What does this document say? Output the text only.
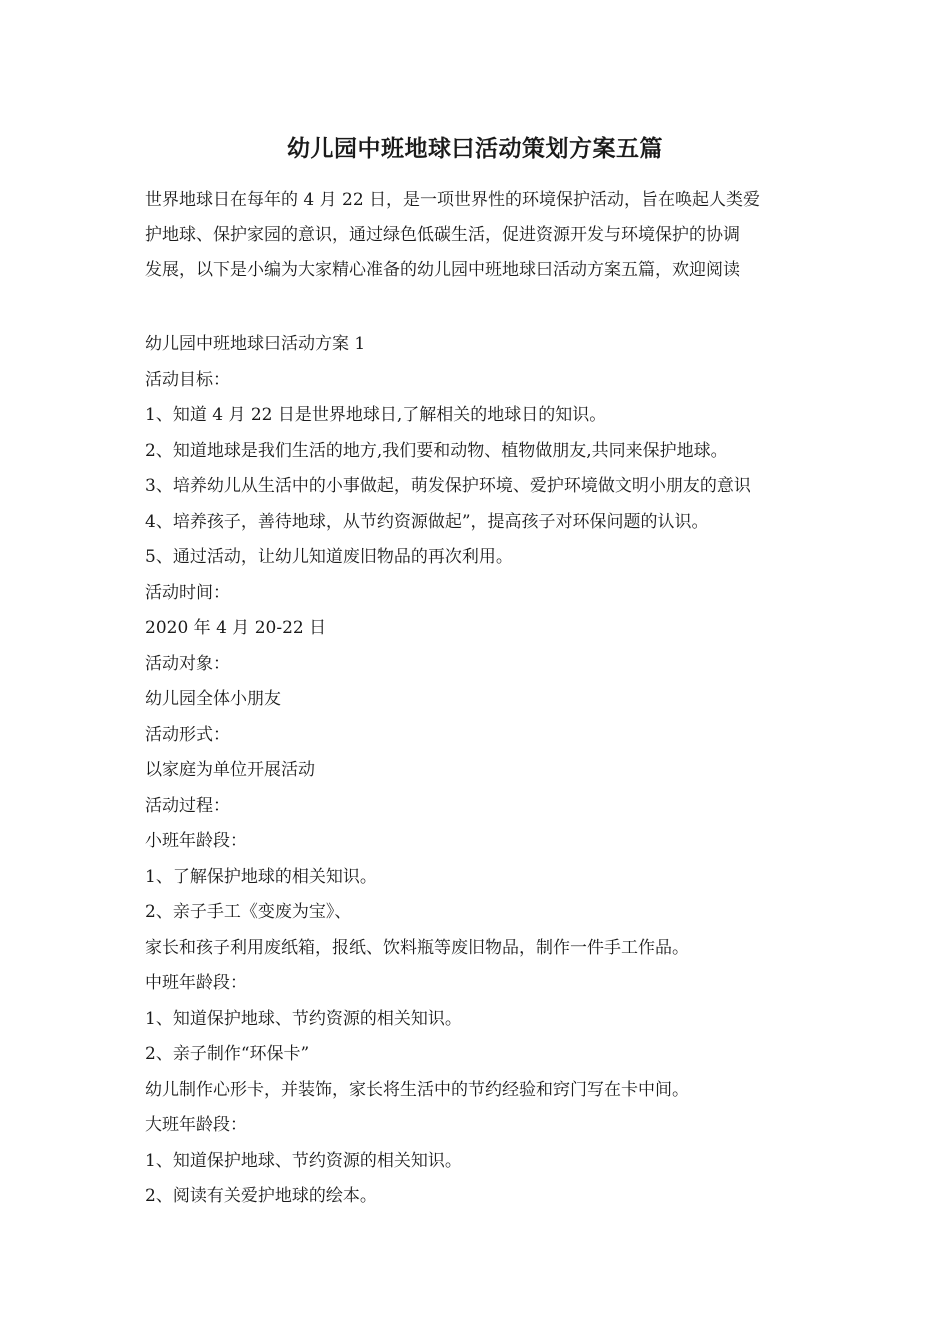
幼儿园中班地球曰活动策划方案五篇
世界地球日在每年的 4 月 22 日，是一项世界性的环境保护活动，旨在唤起人类爱
护地球、保护家园的意识，通过绿色低碳生活，促进资源开发与环境保护的协调
发展，以下是小编为大家精心准备的幼儿园中班地球曰活动方案五篇，欢迎阅读
幼儿园中班地球曰活动方案 1
活动目标：
1、知道 4 月 22 日是世界地球日,了解相关的地球日的知识。
2、知道地球是我们生活的地方,我们要和动物、植物做朋友,共同来保护地球。
3、培养幼儿从生活中的小事做起，萌发保护环境、爱护环境做文明小朋友的意识
4、培养孩子，善待地球，从节约资源做起”，提高孩子对环保问题的认识。
5、通过活动，让幼儿知道废旧物品的再次利用。
活动时间：
2020 年 4 月 20-22 日
活动对象：
幼儿园全体小朋友
活动形式：
以家庭为单位开展活动
活动过程：
小班年龄段：
1、了解保护地球的相关知识。
2、亲子手工《变废为宝》、
家长和孩子利用废纸箱，报纸、饮料瓶等废旧物品，制作一件手工作品。
中班年龄段：
1、知道保护地球、节约资源的相关知识。
2、亲子制作“环保卡”
幼儿制作心形卡，并装饰，家长将生活中的节约经验和窍门写在卡中间。
大班年龄段：
1、知道保护地球、节约资源的相关知识。
2、阅读有关爱护地球的绘本。
